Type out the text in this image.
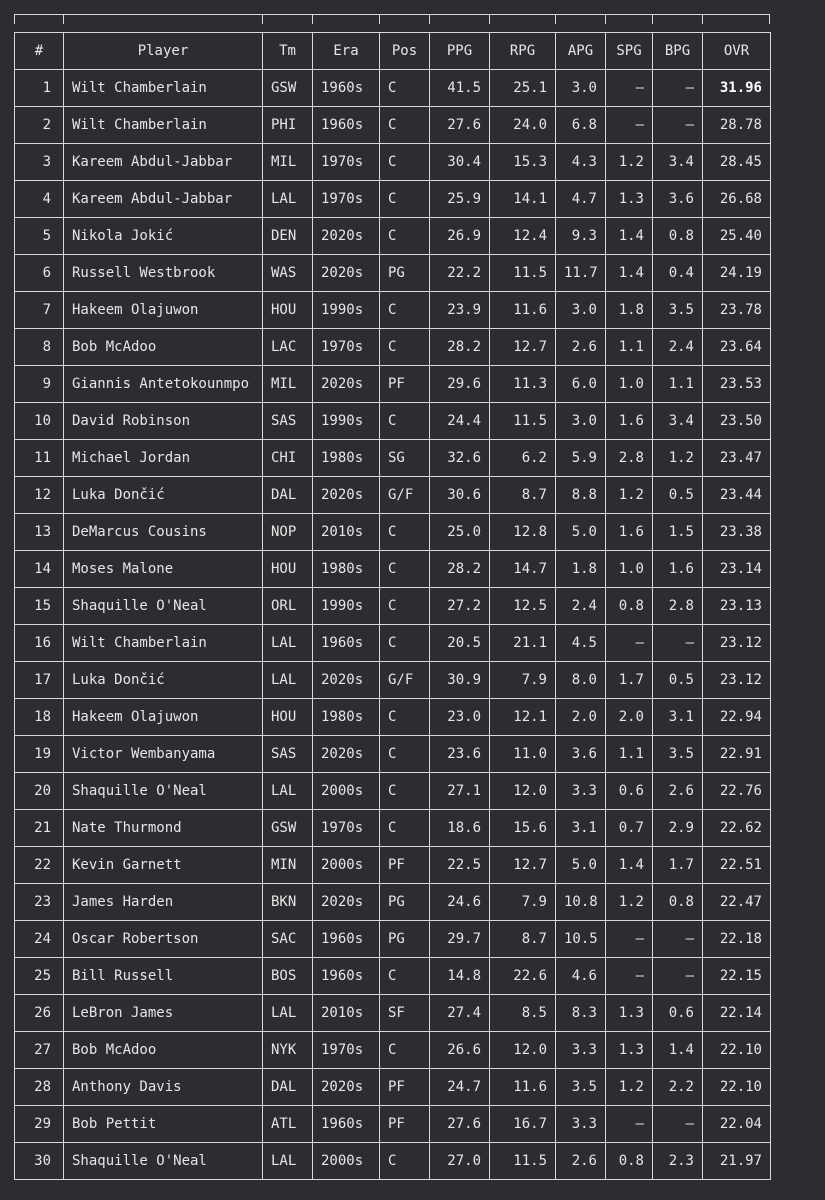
#	Player	Tm	Era	Pos	PPG	RPG	APG	SPG	BPG	OVR
1	Wilt Chamberlain	GSW	1960s	C	41.5	25.1	3.0	–	–	31.96
2	Wilt Chamberlain	PHI	1960s	C	27.6	24.0	6.8	–	–	28.78
3	Kareem Abdul-Jabbar	MIL	1970s	C	30.4	15.3	4.3	1.2	3.4	28.45
4	Kareem Abdul-Jabbar	LAL	1970s	C	25.9	14.1	4.7	1.3	3.6	26.68
5	Nikola Jokić	DEN	2020s	C	26.9	12.4	9.3	1.4	0.8	25.40
6	Russell Westbrook	WAS	2020s	PG	22.2	11.5	11.7	1.4	0.4	24.19
7	Hakeem Olajuwon	HOU	1990s	C	23.9	11.6	3.0	1.8	3.5	23.78
8	Bob McAdoo	LAC	1970s	C	28.2	12.7	2.6	1.1	2.4	23.64
9	Giannis Antetokounmpo	MIL	2020s	PF	29.6	11.3	6.0	1.0	1.1	23.53
10	David Robinson	SAS	1990s	C	24.4	11.5	3.0	1.6	3.4	23.50
11	Michael Jordan	CHI	1980s	SG	32.6	6.2	5.9	2.8	1.2	23.47
12	Luka Dončić	DAL	2020s	G/F	30.6	8.7	8.8	1.2	0.5	23.44
13	DeMarcus Cousins	NOP	2010s	C	25.0	12.8	5.0	1.6	1.5	23.38
14	Moses Malone	HOU	1980s	C	28.2	14.7	1.8	1.0	1.6	23.14
15	Shaquille O'Neal	ORL	1990s	C	27.2	12.5	2.4	0.8	2.8	23.13
16	Wilt Chamberlain	LAL	1960s	C	20.5	21.1	4.5	–	–	23.12
17	Luka Dončić	LAL	2020s	G/F	30.9	7.9	8.0	1.7	0.5	23.12
18	Hakeem Olajuwon	HOU	1980s	C	23.0	12.1	2.0	2.0	3.1	22.94
19	Victor Wembanyama	SAS	2020s	C	23.6	11.0	3.6	1.1	3.5	22.91
20	Shaquille O'Neal	LAL	2000s	C	27.1	12.0	3.3	0.6	2.6	22.76
21	Nate Thurmond	GSW	1970s	C	18.6	15.6	3.1	0.7	2.9	22.62
22	Kevin Garnett	MIN	2000s	PF	22.5	12.7	5.0	1.4	1.7	22.51
23	James Harden	BKN	2020s	PG	24.6	7.9	10.8	1.2	0.8	22.47
24	Oscar Robertson	SAC	1960s	PG	29.7	8.7	10.5	–	–	22.18
25	Bill Russell	BOS	1960s	C	14.8	22.6	4.6	–	–	22.15
26	LeBron James	LAL	2010s	SF	27.4	8.5	8.3	1.3	0.6	22.14
27	Bob McAdoo	NYK	1970s	C	26.6	12.0	3.3	1.3	1.4	22.10
28	Anthony Davis	DAL	2020s	PF	24.7	11.6	3.5	1.2	2.2	22.10
29	Bob Pettit	ATL	1960s	PF	27.6	16.7	3.3	–	–	22.04
30	Shaquille O'Neal	LAL	2000s	C	27.0	11.5	2.6	0.8	2.3	21.97
